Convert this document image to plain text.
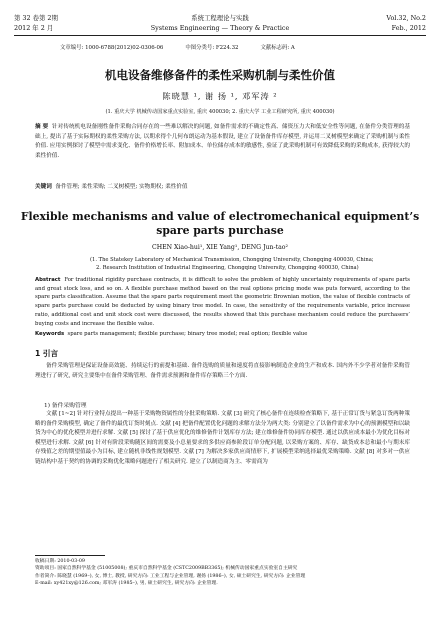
第 32 卷第 2期	系统工程理论与实践	Vol.32, No.2
2012 年 2 月	Systems Engineering — Theory & Practice	Feb., 2012
文章编号: 1000-6788(2012)02-0306-06	中图分类号: F224.32	文献标志码: A
机电设备维修备件的柔性采购机制与柔性价值
陈晓慧 ¹, 谢 扬 ¹, 邓军涛 ²
(1. 重庆大学 机械传动国家重点实验室, 重庆 400030; 2. 重庆大学 工业工程研究所, 重庆 400030)
摘 要 针对传统机电设备刚性备件采购合同存在的一些难以解决的问题, 如备件需求的不确定性高、储资压力大和低安全性等问题, 在备件分类管理的基础上, 提出了基于实际期权的柔性采购方法, 以期求得个几何布朗运动为基本假设, 建立了设备备件库存模型, 并运用二叉树模型来确定了采购机制与柔性价值. 应用实例探讨了模型中需求变化、备件价格增长率、附加成本、单位储存成本的敏感性, 验证了此采购机制可有效降低采购的采购成本, 获得较大的柔性价值.
关键词 备件管理; 柔性采购; 二叉树模型; 实物期权; 柔性价值
Flexible mechanisms and value of electromechanical equipment’s spare parts purchase
CHEN Xiao-hui¹, XIE Yang¹, DENG Jun-tao²
(1. The Statekey Laboratory of Mechanical Transmission, Chongqing University, Chongqing 400030, China;
2. Research Institution of Industrial Engineering, Chongqing University, Chongqing 400030, China)
Abstract For traditional rigidity purchase contracts, it is difficult to solve the problem of highly uncertainty requirements of spare parts and great stock loss, and so on. A flexible purchase method based on the real options pricing mode was puts forward, according to the spare parts classification. Assume that the spare parts requirement meet the geometric Brownian motion, the value of flexible contracts of spare parts purchase could be deducted by using binary tree model. In case, the sensitivity of the requirements variable, price increase ratio, additional cost and unit stock cost were discussed, the results showed that this purchase mechanism could reduce the purchasers’ buying costs and increase the flexible value.
Keywords spare parts management; flexible purchase; binary tree model; real option; flexible value
1 引言
备件采购管理是保证设备高效能、持续运行的前提和基础. 备件选购的质量和速度将直接影响制造企业的生产和成本. 国内外不少学者对备件采购管理进行了研究, 研究主要集中在备件采购管理、备件需求预测和备件库存策略三个方面.
1) 备件采购管理
文献 [1~2] 针对行业特点提出一种基于采购物资属性的分批采购策略. 文献 [3] 研究了核心备件在连续检查策略下, 基于正常订货与紧急订货两种策略的备件采购模型, 确定了备件的最优订货时刻点. 文献 [4] 把备件配置优化问题的求解方法分为两大类: 分别建立了以备件需求为中心的预测模型和以缺货为中心的优化模型并进行求解. 文献 [5] 探讨了基于供应优化的维修备件计划库存方法; 建立维修备件协同库存模型. 通过以供应成本最小为优化目标对模型进行求解. 文献 [6] 针对有阶段采购随区间的需要及小总量要求的多供应商参阶段订单分配问题, 以采购方案的、库存、缺货成本总和最小与期末库存残值之差的期望值最小为目标, 建立随机非线性规划模型. 文献 [7] 为解决多家供应商情形下, 扩展模型采纳选择最优采购策略. 文献 [8] 对多对一供应链结构中基于契约的协调的采购优化策略问题进行了相关研究. 建立了以制造商为主、零需商为
收稿日期: 2010-03-09
资助项目: 国家自然科学基金 (51005008); 重庆市自然科学基金 (CSTC2009BB3365); 机械传动国家重点实验室自主研究
作者简介: 陈晓慧 (1969–), 女, 博士, 教授, 研究方向: 工业工程与企业管理, 谢扬 (1986–), 女, 硕士研究生, 研究方向: 企业管理
E-mail: xy421xy@126.com; 邓军涛 (1985–), 男, 硕士研究生, 研究方向: 企业管理.
